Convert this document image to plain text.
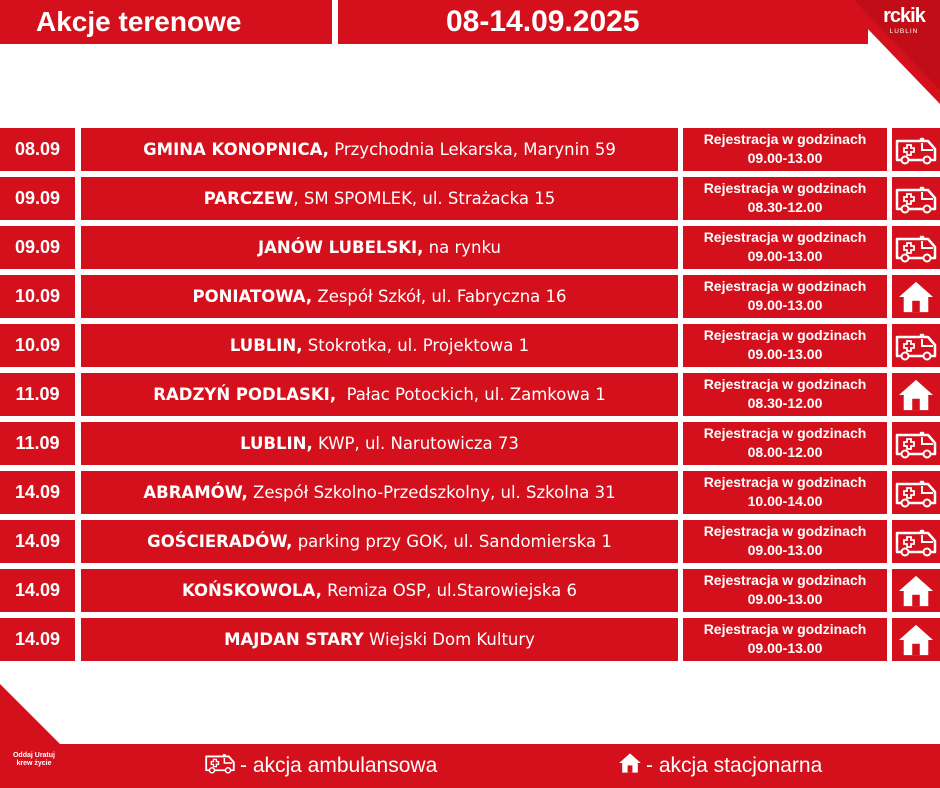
Akcje terenowe	08-14.09.2025	rckik
LUBLIN
08.09	GMINA KONOPNICA, Przychodnia Lekarska, Marynin 59
Rejestracja w godzinach
09.00-13.00
09.09	PARCZEW, SM SPOMLEK, ul. Strażacka 15
Rejestracja w godzinach
08.30-12.00
09.09	JANÓW LUBELSKI, na rynku
Rejestracja w godzinach
09.00-13.00
10.09	PONIATOWA, Zespół Szkół, ul. Fabryczna 16
Rejestracja w godzinach
09.00-13.00
10.09	LUBLIN, Stokrotka, ul. Projektowa 1
Rejestracja w godzinach
09.00-13.00
11.09	RADZYŃ PODLASKI,  Pałac Potockich, ul. Zamkowa 1
Rejestracja w godzinach
08.30-12.00
11.09	LUBLIN, KWP, ul. Narutowicza 73
Rejestracja w godzinach
08.00-12.00
14.09	ABRAMÓW, Zespół Szkolno-Przedszkolny, ul. Szkolna 31
Rejestracja w godzinach
10.00-14.00
14.09	GOŚCIERADÓW, parking przy GOK, ul. Sandomierska 1
Rejestracja w godzinach
09.00-13.00
14.09	KOŃSKOWOLA, Remiza OSP, ul.Starowiejska 6
Rejestracja w godzinach
09.00-13.00
14.09	MAJDAN STARY Wiejski Dom Kultury
Rejestracja w godzinach
09.00-13.00
Oddaj Uratuj
krew życie	- akcja ambulansowa	- akcja stacjonarna
